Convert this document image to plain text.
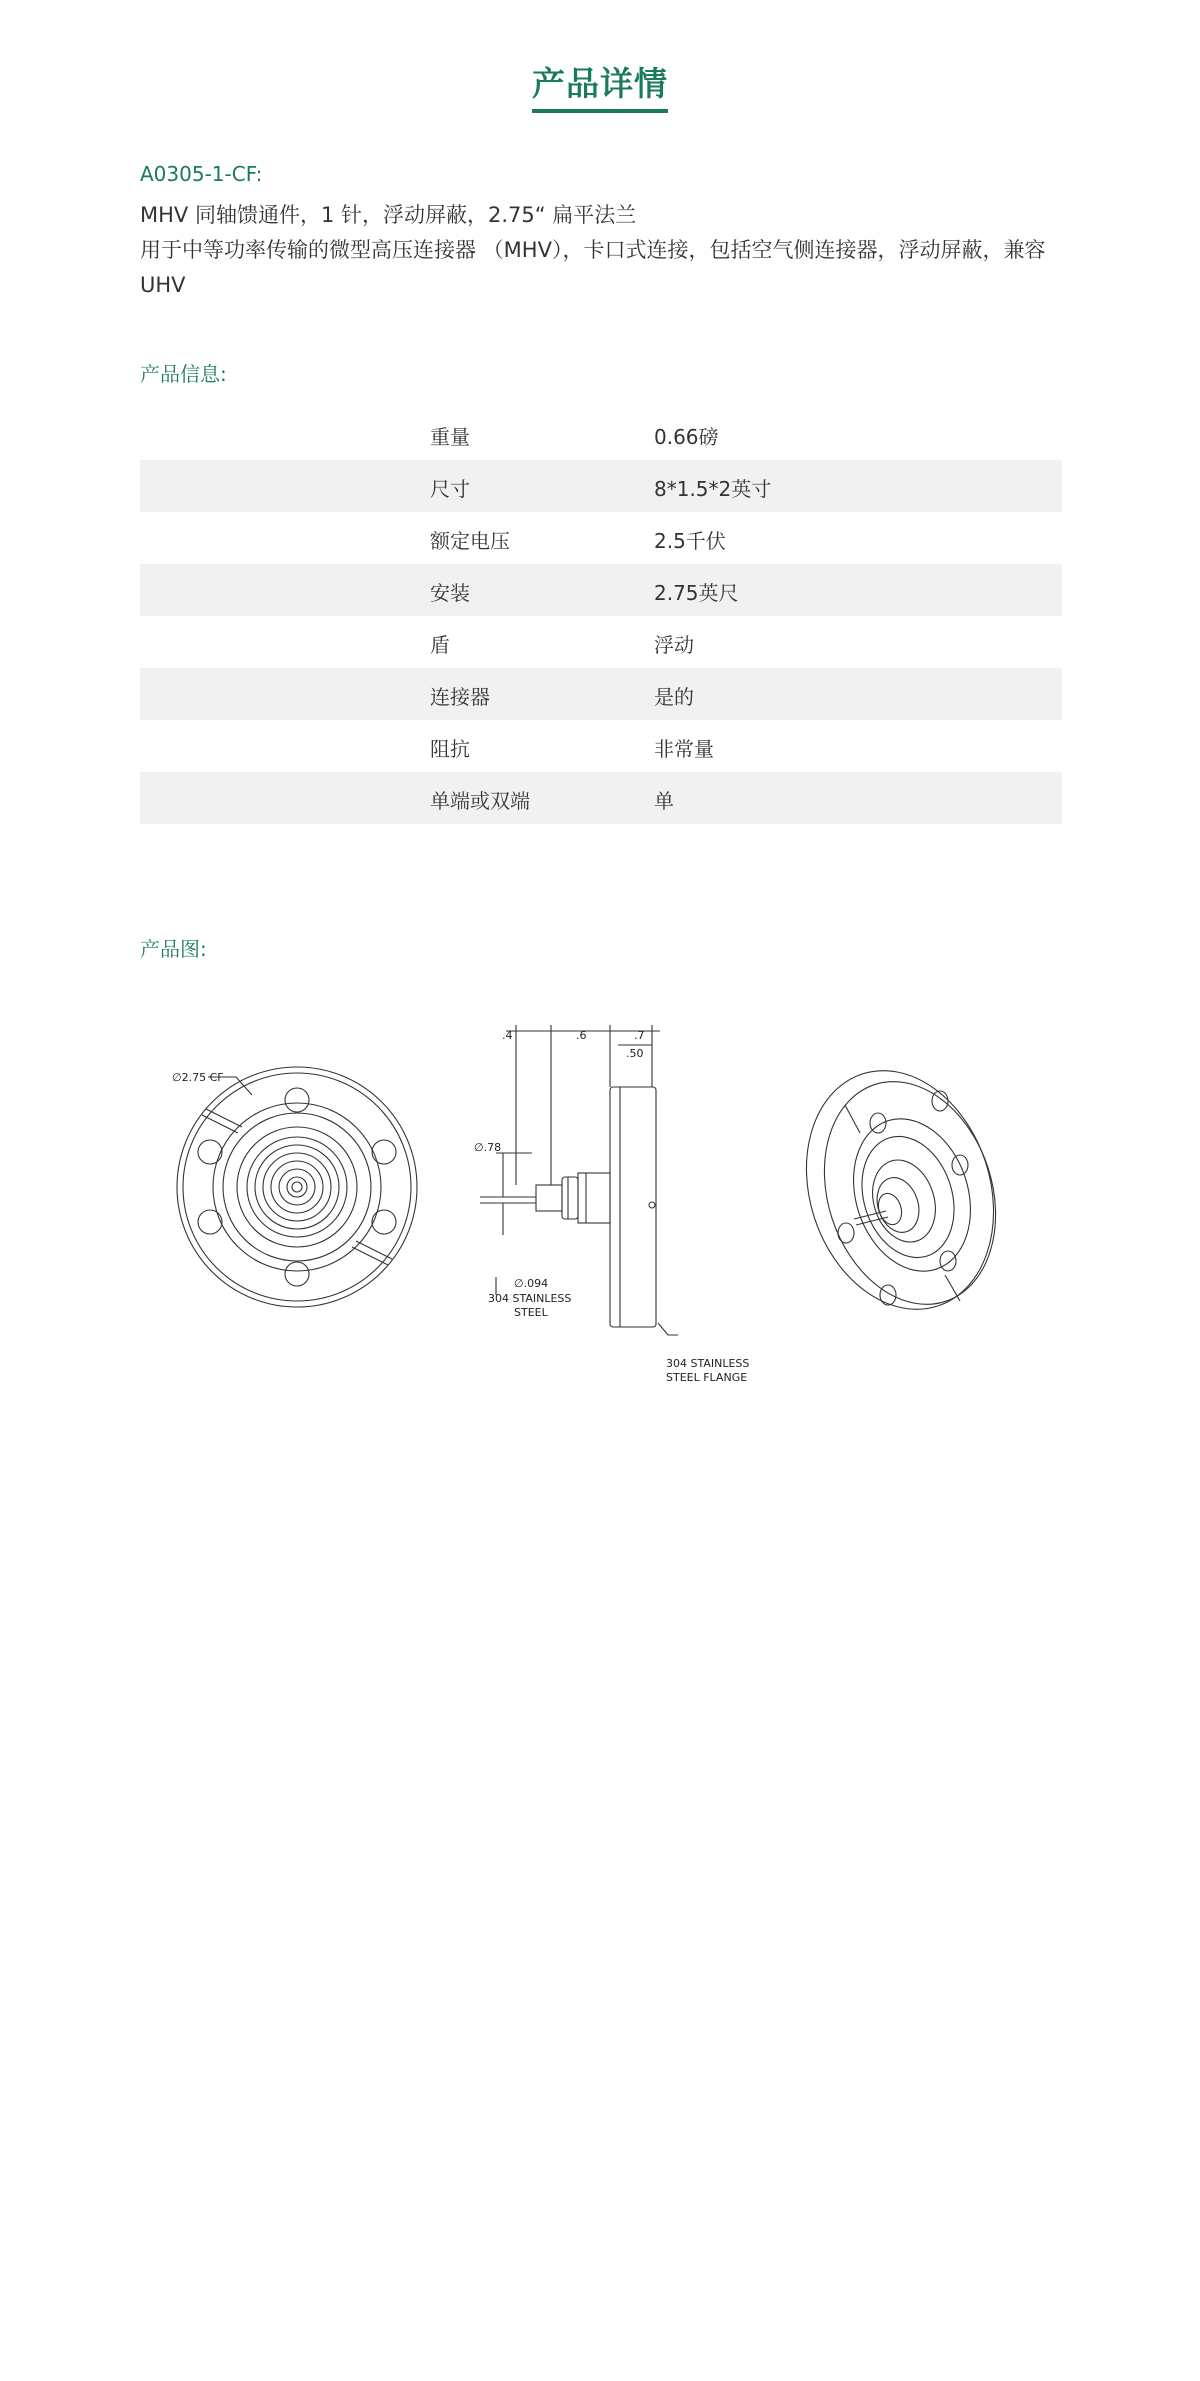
产品详情
A0305-1-CF:

MHV 同轴馈通件，1 针，浮动屏蔽，2.75“ 扁平法兰

用于中等功率传输的微型高压连接器 （MHV），卡口式连接，包括空气侧连接器，浮动屏蔽，兼容 UHV

产品信息:
重量	0.66磅
尺寸	8*1.5*2英寸
额定电压	2.5千伏
安装	2.75英尺
盾	浮动
连接器	是的
阻抗	非常量
单端或双端	单
产品图:
∅2.75 CF
.4	.6	.7
.50
∅.78
∅.094
304 STAINLESS
STEEL
304 STAINLESS
STEEL FLANGE
